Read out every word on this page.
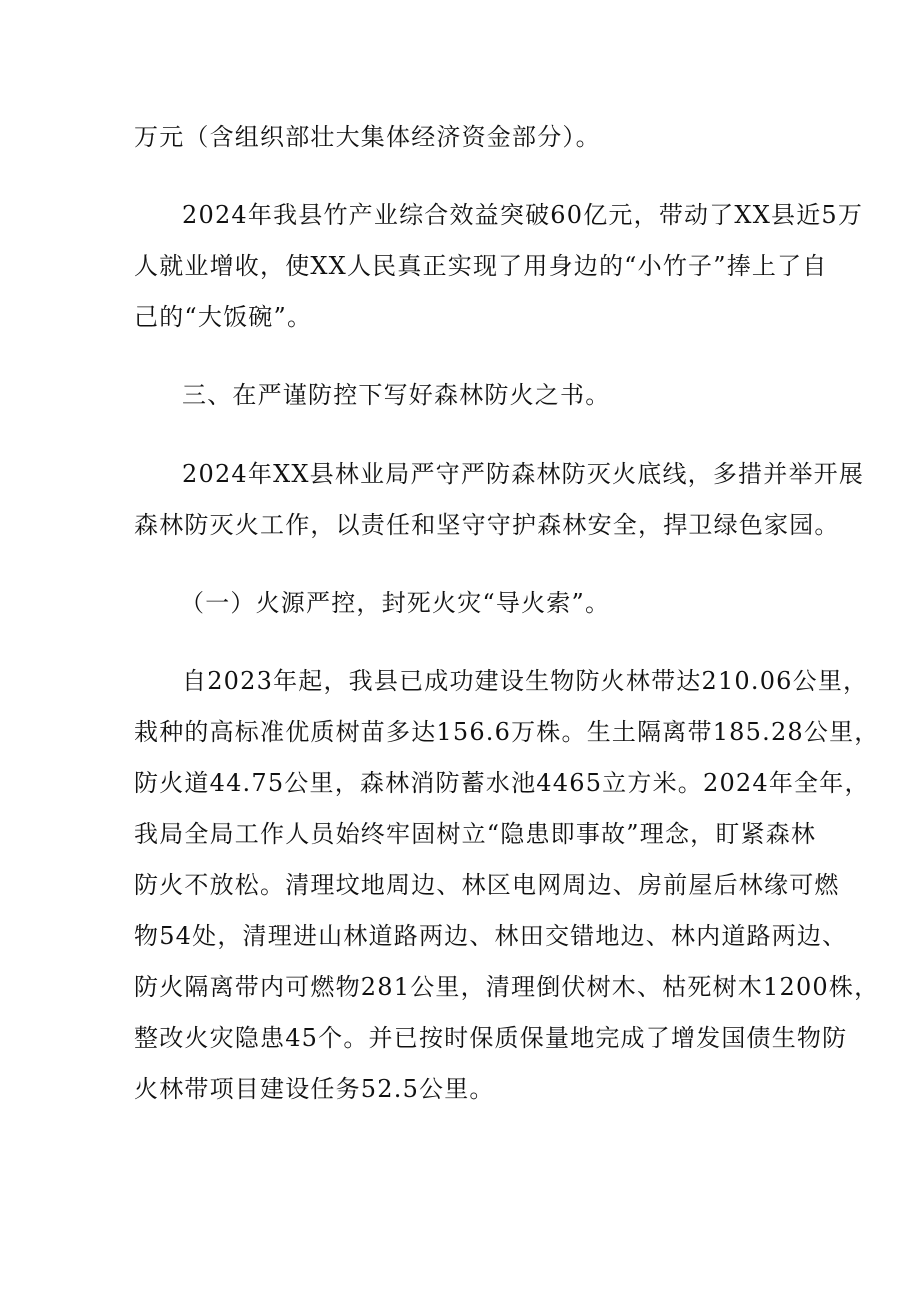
万元（含组织部壮大集体经济资金部分）。
2024年我县竹产业综合效益突破60亿元，带动了XX县近5万
人就业增收，使XX人民真正实现了用身边的“小竹子”捧上了自
己的“大饭碗”。
三、在严谨防控下写好森林防火之书。
2024年XX县林业局严守严防森林防灭火底线，多措并举开展
森林防灭火工作，以责任和坚守守护森林安全，捍卫绿色家园。
（一）火源严控，封死火灾“导火索”。
自2023年起，我县已成功建设生物防火林带达210.06公里，
栽种的高标准优质树苗多达156.6万株。生土隔离带185.28公里，
防火道44.75公里，森林消防蓄水池4465立方米。2024年全年，
我局全局工作人员始终牢固树立“隐患即事故”理念，盯紧森林
防火不放松。清理坟地周边、林区电网周边、房前屋后林缘可燃
物54处，清理进山林道路两边、林田交错地边、林内道路两边、
防火隔离带内可燃物281公里，清理倒伏树木、枯死树木1200株，
整改火灾隐患45个。并已按时保质保量地完成了增发国债生物防
火林带项目建设任务52.5公里。
